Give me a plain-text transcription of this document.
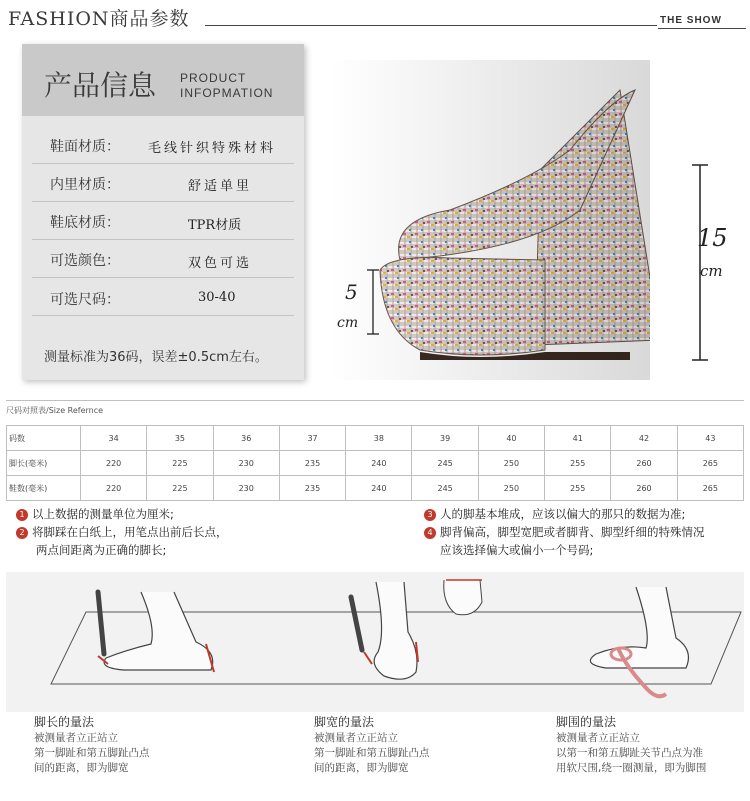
FASHION商品参数	THE SHOW
产品信息 PRODUCT
INFOPMATION
鞋面材质： 毛线针织特殊材料
内里材质：	舒适单里
鞋底材质：	TPR材质
可选颜色：	双色可选
可选尺码：	30-40
测量标准为36码，误差±0.5cm左右。
15
cm
5
cm
尺码对照表/Size Refernce
码数	34	35	36	37	38	39	40	41	42	43
脚长(毫米)	220	225	230	235	240	245	250	255	260	265
鞋数(毫米)	220	225	230	235	240	245	250	255	260	265
1 以上数据的测量单位为厘米;
2 将脚踩在白纸上，用笔点出前后长点，
两点间距离为正确的脚长;
3 人的脚基本堆成，应该以偏大的那只的数据为准;
4 脚背偏高，脚型宽肥或者脚背、脚型纤细的特殊情况
应该选择偏大或偏小一个号码;
脚长的量法
被测量者立正站立
第一脚趾和第五脚趾凸点
间的距离，即为脚宽
脚宽的量法
被测量者立正站立
第一脚趾和第五脚趾凸点
间的距离，即为脚宽
脚围的量法
被测量者立正站立
以第一和第五脚趾关节凸点为准
用软尺围,绕一圈测量，即为脚围
